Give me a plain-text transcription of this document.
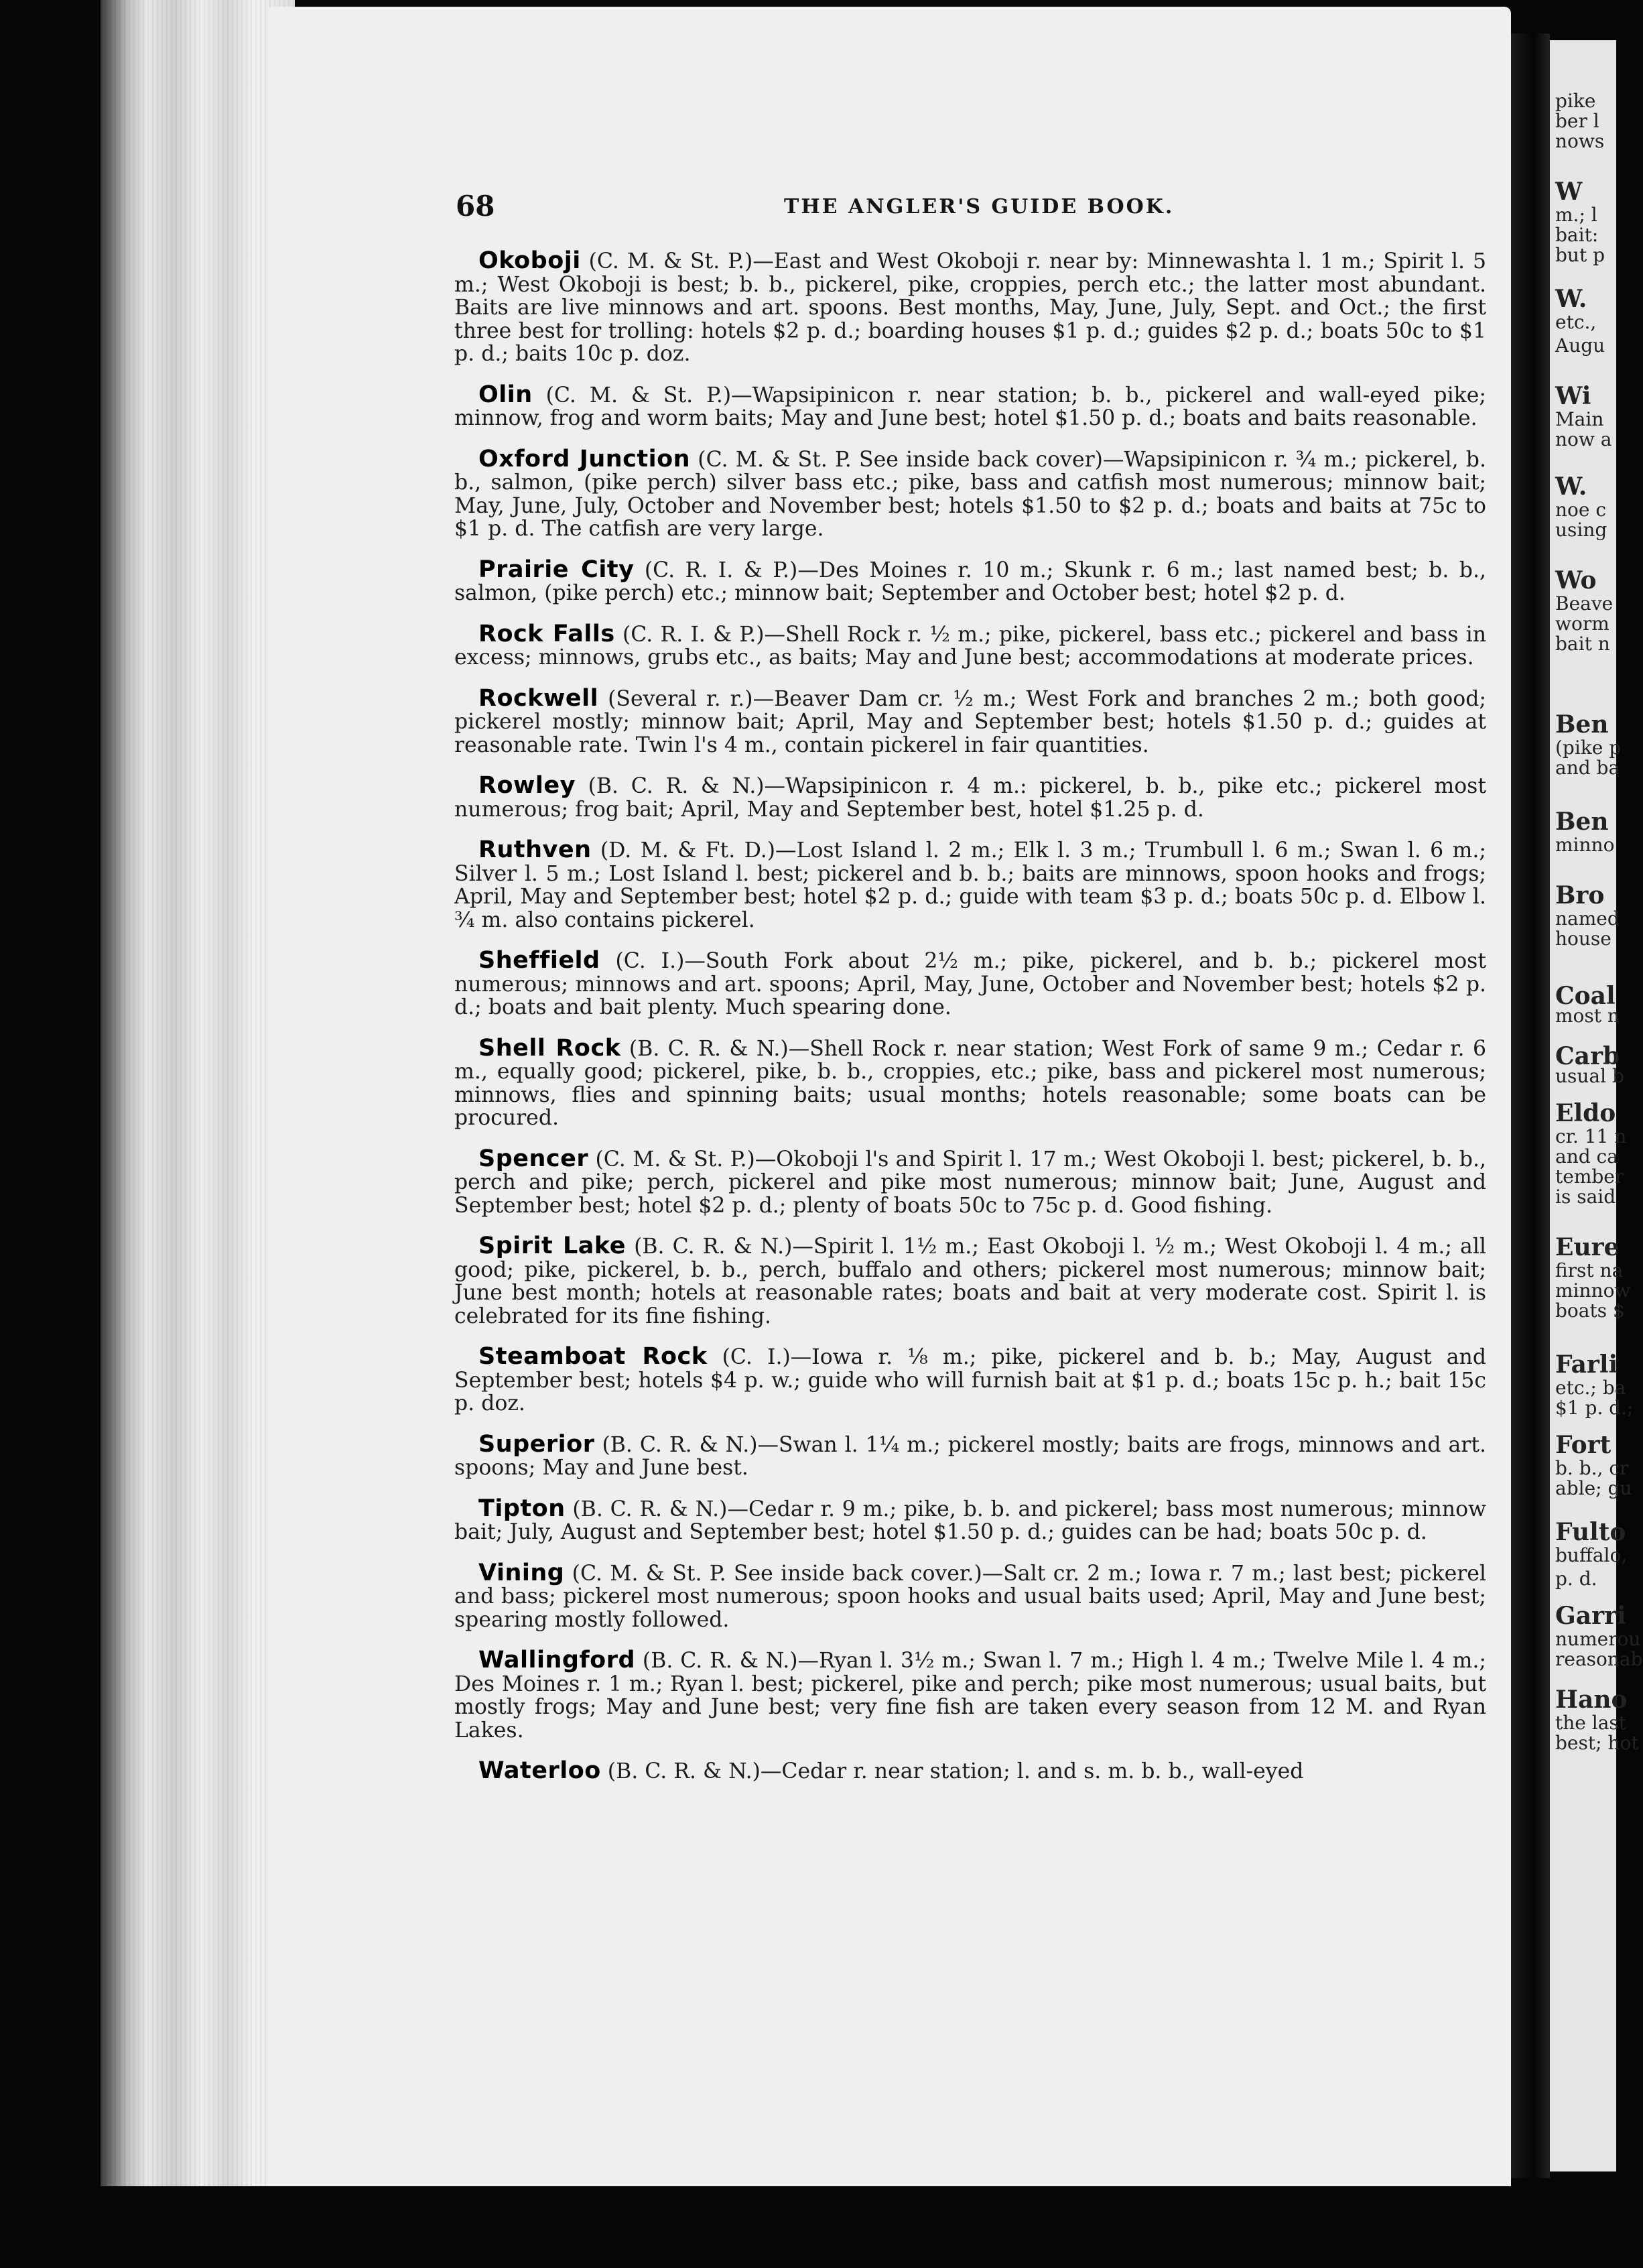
pike
ber l
nows
W
m.; l
bait:
but p
W.
etc.,
Augu
Wi
Main
now a
W.
noe c
using
Wo
Beave
worm
bait n
Ben
(pike p
and ba
Ben
minno
Bro
named
house
Coal
most n
Carb
usual b
Eldo
cr. 11 n
and ca
tember
is said
Eure
first na
minnow
boats $
Farli
etc.; ba
$1 p. d.;
Fort
b. b., cr
able; gu
Fulto
buffalo,
p. d.
Garri
numerou
reasonab
Hano
the last
best; hot
68	THE ANGLER'S GUIDE BOOK.

Okoboji (C. M. & St. P.)—East and West Okoboji r. near by: Minnewashta l. 1 m.; Spirit l. 5 m.; West Okoboji is best; b. b., pickerel, pike, croppies, perch etc.; the latter most abundant. Baits are live minnows and art. spoons. Best months, May, June, July, Sept. and Oct.; the first three best for trolling: hotels $2 p. d.; boarding houses $1 p. d.; guides $2 p. d.; boats 50c to $1 p. d.; baits 10c p. doz.

Olin (C. M. & St. P.)—Wapsipinicon r. near station; b. b., pickerel and wall-eyed pike; minnow, frog and worm baits; May and June best; hotel $1.50 p. d.; boats and baits reasonable.

Oxford Junction (C. M. & St. P. See inside back cover)—Wapsipinicon r. ¾ m.; pickerel, b. b., salmon, (pike perch) silver bass etc.; pike, bass and catfish most numerous; minnow bait; May, June, July, October and November best; hotels $1.50 to $2 p. d.; boats and baits at 75c to $1 p. d. The catfish are very large.

Prairie City (C. R. I. & P.)—Des Moines r. 10 m.; Skunk r. 6 m.; last named best; b. b., salmon, (pike perch) etc.; minnow bait; September and October best; hotel $2 p. d.

Rock Falls (C. R. I. & P.)—Shell Rock r. ½ m.; pike, pickerel, bass etc.; pickerel and bass in excess; minnows, grubs etc., as baits; May and June best; accommodations at moderate prices.

Rockwell (Several r. r.)—Beaver Dam cr. ½ m.; West Fork and branches 2 m.; both good; pickerel mostly; minnow bait; April, May and September best; hotels $1.50 p. d.; guides at reasonable rate. Twin l's 4 m., contain pickerel in fair quantities.

Rowley (B. C. R. & N.)—Wapsipinicon r. 4 m.: pickerel, b. b., pike etc.; pickerel most numerous; frog bait; April, May and September best, hotel $1.25 p. d.

Ruthven (D. M. & Ft. D.)—Lost Island l. 2 m.; Elk l. 3 m.; Trumbull l. 6 m.; Swan l. 6 m.; Silver l. 5 m.; Lost Island l. best; pickerel and b. b.; baits are minnows, spoon hooks and frogs; April, May and September best; hotel $2 p. d.; guide with team $3 p. d.; boats 50c p. d. Elbow l. ¾ m. also contains pickerel.

Sheffield (C. I.)—South Fork about 2½ m.; pike, pickerel, and b. b.; pickerel most numerous; minnows and art. spoons; April, May, June, October and November best; hotels $2 p. d.; boats and bait plenty. Much spearing done.

Shell Rock (B. C. R. & N.)—Shell Rock r. near station; West Fork of same 9 m.; Cedar r. 6 m., equally good; pickerel, pike, b. b., croppies, etc.; pike, bass and pickerel most numerous; minnows, flies and spinning baits; usual months; hotels reasonable; some boats can be procured.

Spencer (C. M. & St. P.)—Okoboji l's and Spirit l. 17 m.; West Okoboji l. best; pickerel, b. b., perch and pike; perch, pickerel and pike most numerous; minnow bait; June, August and September best; hotel $2 p. d.; plenty of boats 50c to 75c p. d. Good fishing.

Spirit Lake (B. C. R. & N.)—Spirit l. 1½ m.; East Okoboji l. ½ m.; West Okoboji l. 4 m.; all good; pike, pickerel, b. b., perch, buffalo and others; pickerel most numerous; minnow bait; June best month; hotels at reasonable rates; boats and bait at very moderate cost. Spirit l. is celebrated for its fine fishing.

Steamboat Rock (C. I.)—Iowa r. ⅛ m.; pike, pickerel and b. b.; May, August and September best; hotels $4 p. w.; guide who will furnish bait at $1 p. d.; boats 15c p. h.; bait 15c p. doz.

Superior (B. C. R. & N.)—Swan l. 1¼ m.; pickerel mostly; baits are frogs, minnows and art. spoons; May and June best.

Tipton (B. C. R. & N.)—Cedar r. 9 m.; pike, b. b. and pickerel; bass most numerous; minnow bait; July, August and September best; hotel $1.50 p. d.; guides can be had; boats 50c p. d.

Vining (C. M. & St. P. See inside back cover.)—Salt cr. 2 m.; Iowa r. 7 m.; last best; pickerel and bass; pickerel most numerous; spoon hooks and usual baits used; April, May and June best; spearing mostly followed.

Wallingford (B. C. R. & N.)—Ryan l. 3½ m.; Swan l. 7 m.; High l. 4 m.; Twelve Mile l. 4 m.; Des Moines r. 1 m.; Ryan l. best; pickerel, pike and perch; pike most numerous; usual baits, but mostly frogs; May and June best; very fine fish are taken every season from 12 M. and Ryan Lakes.

Waterloo (B. C. R. & N.)—Cedar r. near station; l. and s. m. b. b., wall-eyed
